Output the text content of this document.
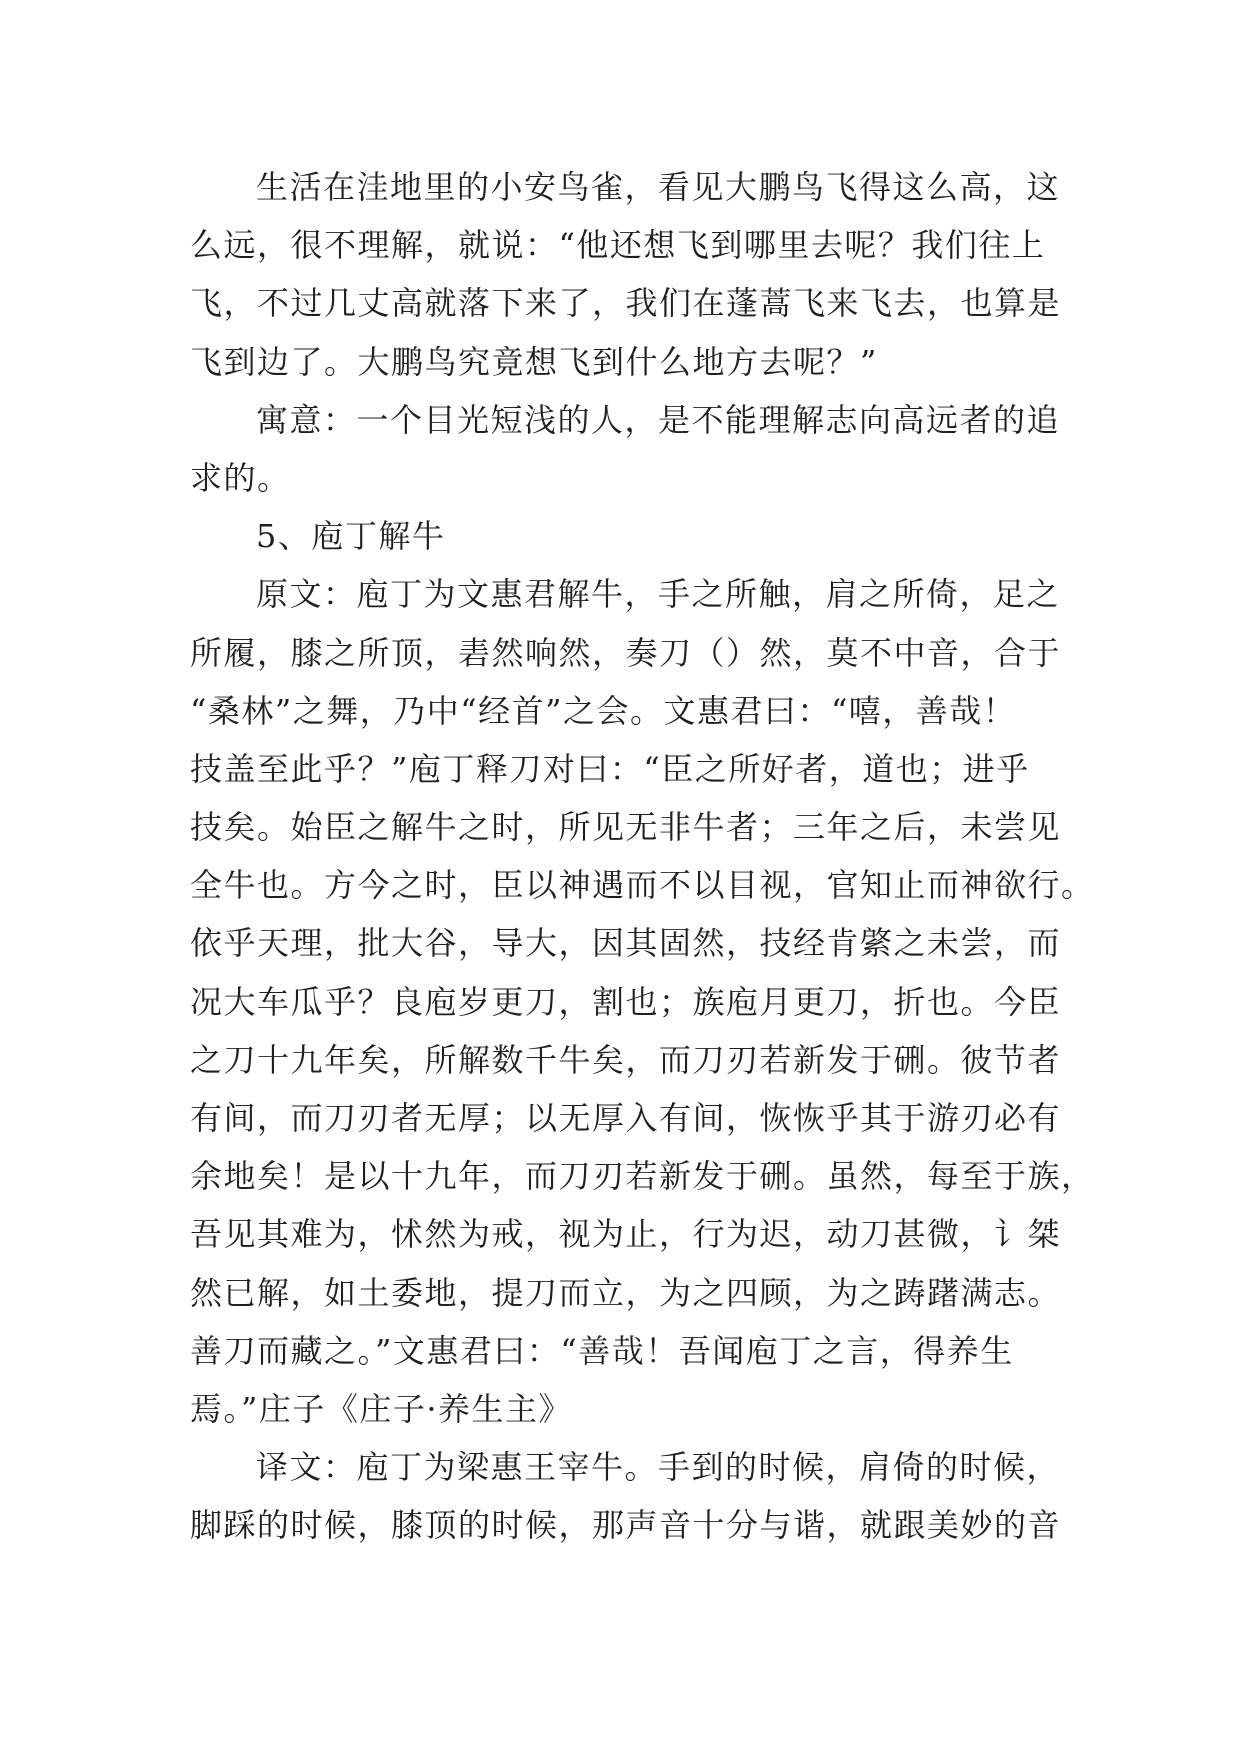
生活在洼地里的小安鸟雀，看见大鹏鸟飞得这么高，这
么远，很不理解，就说：“他还想飞到哪里去呢？我们往上
飞，不过几丈高就落下来了，我们在蓬蒿飞来飞去，也算是
飞到边了。大鹏鸟究竟想飞到什么地方去呢？”
寓意：一个目光短浅的人，是不能理解志向高远者的追
求的。
5、庖丁解牛
原文：庖丁为文惠君解牛，手之所触，肩之所倚，足之
所履，膝之所顶，砉然响然，奏刀（）然，莫不中音，合于
“桑林”之舞，乃中“经首”之会。文惠君曰：“嘻，善哉！
技盖至此乎？”庖丁释刀对曰：“臣之所好者，道也；进乎
技矣。始臣之解牛之时，所见无非牛者；三年之后，未尝见
全牛也。方今之时，臣以神遇而不以目视，官知止而神欲行。
依乎天理，批大谷，导大，因其固然，技经肯綮之未尝，而
况大车瓜乎？良庖岁更刀，割也；族庖月更刀，折也。今臣
之刀十九年矣，所解数千牛矣，而刀刃若新发于硎。彼节者
有间，而刀刃者无厚；以无厚入有间，恢恢乎其于游刃必有
余地矣！是以十九年，而刀刃若新发于硎。虽然，每至于族，
吾见其难为，怵然为戒，视为止，行为迟，动刀甚微，讠桀
然已解，如土委地，提刀而立，为之四顾，为之踌躇满志。
善刀而藏之。”文惠君曰：“善哉！吾闻庖丁之言，得养生
焉。”庄子《庄子·养生主》
译文：庖丁为梁惠王宰牛。手到的时候，肩倚的时候，
脚踩的时候，膝顶的时候，那声音十分与谐，就跟美妙的音
